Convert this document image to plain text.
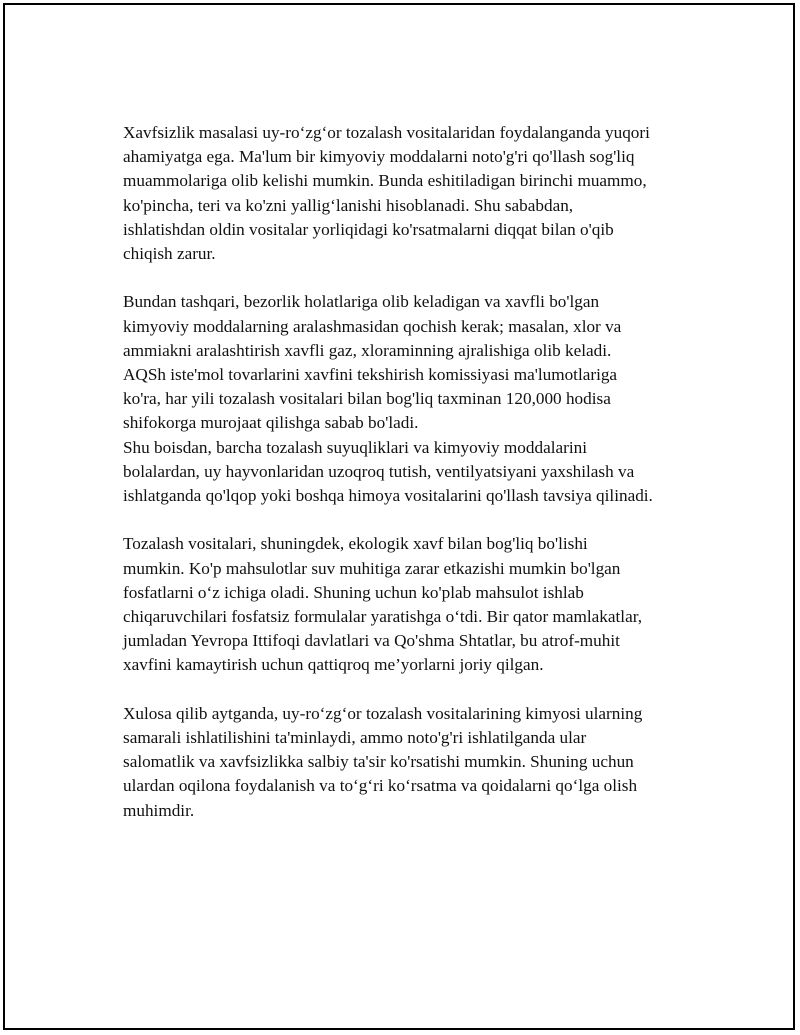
Xavfsizlik masalasi uy-ro‘zg‘or tozalash vositalaridan foydalanganda yuqori
ahamiyatga ega. Ma'lum bir kimyoviy moddalarni noto'g'ri qo'llash sog'liq
muammolariga olib kelishi mumkin. Bunda eshitiladigan birinchi muammo,
ko'pincha, teri va ko'zni yallig‘lanishi hisoblanadi. Shu sababdan,
ishlatishdan oldin vositalar yorliqidagi ko'rsatmalarni diqqat bilan o'qib
chiqish zarur.

Bundan tashqari, bezorlik holatlariga olib keladigan va xavfli bo'lgan
kimyoviy moddalarning aralashmasidan qochish kerak; masalan, xlor va
ammiakni aralashtirish xavfli gaz, xloraminning ajralishiga olib keladi.
AQSh iste'mol tovarlarini xavfini tekshirish komissiyasi ma'lumotlariga
ko'ra, har yili tozalash vositalari bilan bog'liq taxminan 120,000 hodisa
shifokorga murojaat qilishga sabab bo'ladi.
Shu boisdan, barcha tozalash suyuqliklari va kimyoviy moddalarini
bolalardan, uy hayvonlaridan uzoqroq tutish, ventilyatsiyani yaxshilash va
ishlatganda qo'lqop yoki boshqa himoya vositalarini qo'llash tavsiya qilinadi.

Tozalash vositalari, shuningdek, ekologik xavf bilan bog'liq bo'lishi
mumkin. Ko'p mahsulotlar suv muhitiga zarar etkazishi mumkin bo'lgan
fosfatlarni o‘z ichiga oladi. Shuning uchun ko'plab mahsulot ishlab
chiqaruvchilari fosfatsiz formulalar yaratishga o‘tdi. Bir qator mamlakatlar,
jumladan Yevropa Ittifoqi davlatlari va Qo'shma Shtatlar, bu atrof-muhit
xavfini kamaytirish uchun qattiqroq me’yorlarni joriy qilgan.

Xulosa qilib aytganda, uy-ro‘zg‘or tozalash vositalarining kimyosi ularning
samarali ishlatilishini ta'minlaydi, ammo noto'g'ri ishlatilganda ular
salomatlik va xavfsizlikka salbiy ta'sir ko'rsatishi mumkin. Shuning uchun
ulardan oqilona foydalanish va to‘g‘ri ko‘rsatma va qoidalarni qo‘lga olish
muhimdir.
